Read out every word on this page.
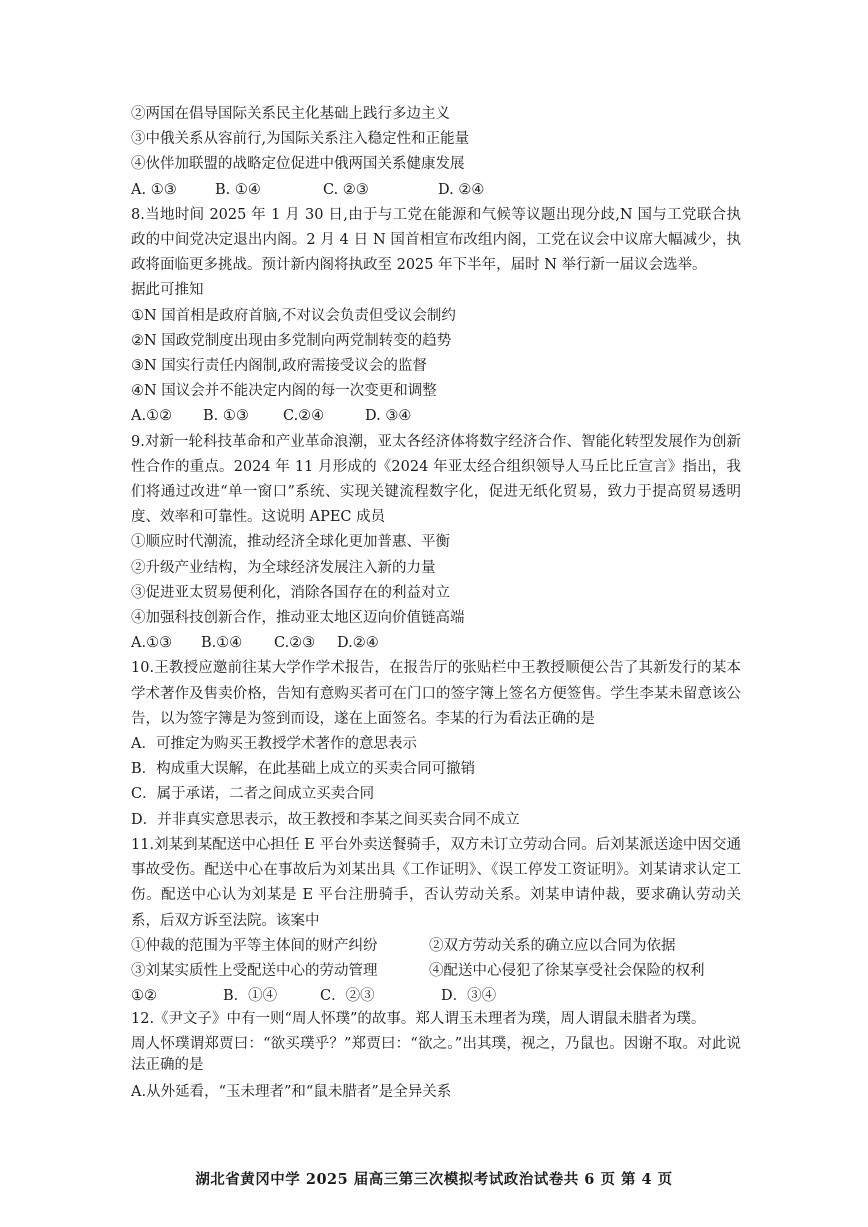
②两国在倡导国际关系民主化基础上践行多边主义
③中俄关系从容前行,为国际关系注入稳定性和正能量
④伙伴加联盟的战略定位促进中俄两国关系健康发展
A. ①③	B. ①④	C. ②③	D. ②④
8.当地时间 2025 年 1 月 30 日,由于与工党在能源和气候等议题出现分歧,N 国与工党联合执政的中间党决定退出内阁。2 月 4 日 N 国首相宣布改组内阁，工党在议会中议席大幅减少，执政将面临更多挑战。预计新内阁将执政至 2025 年下半年，届时 N 举行新一届议会选举。
据此可推知
①N 国首相是政府首脑,不对议会负责但受议会制约
②N 国政党制度出现由多党制向两党制转变的趋势
③N 国实行责任内阁制,政府需接受议会的监督
④N 国议会并不能决定内阁的每一次变更和调整
A.①②	B. ①③	C.②④	D. ③④
9.对新一轮科技革命和产业革命浪潮，亚太各经济体将数字经济合作、智能化转型发展作为创新性合作的重点。2024 年 11 月形成的《2024 年亚太经合组织领导人马丘比丘宣言》指出，我们将通过改进“单一窗口”系统、实现关键流程数字化，促进无纸化贸易，致力于提高贸易透明度、效率和可靠性。这说明 APEC 成员
①顺应时代潮流，推动经济全球化更加普惠、平衡
②升级产业结构，为全球经济发展注入新的力量
③促进亚太贸易便利化，消除各国存在的利益对立
④加强科技创新合作，推动亚太地区迈向价值链高端
A.①③	B.①④	C.②③	D.②④
10.王教授应邀前往某大学作学术报告，在报告厅的张贴栏中王教授顺便公告了其新发行的某本学术著作及售卖价格，告知有意购买者可在门口的签字簿上签名方便签售。学生李某未留意该公告，以为签字簿是为签到而设，遂在上面签名。李某的行为看法正确的是
A．可推定为购买王教授学术著作的意思表示
B．构成重大误解，在此基础上成立的买卖合同可撤销
C．属于承诺，二者之间成立买卖合同
D．并非真实意思表示，故王教授和李某之间买卖合同不成立
11.刘某到某配送中心担任 E 平台外卖送餐骑手，双方未订立劳动合同。后刘某派送途中因交通事故受伤。配送中心在事故后为刘某出具《工作证明》、《误工停发工资证明》。刘某请求认定工伤。配送中心认为刘某是 E 平台注册骑手，否认劳动关系。刘某申请仲裁，要求确认劳动关系，后双方诉至法院。该案中
①仲裁的范围为平等主体间的财产纠纷	②双方劳动关系的确立应以合同为依据
③刘某实质性上受配送中心的劳动管理	④配送中心侵犯了徐某享受社会保险的权利
①②	B．①④	C．②③	D．③④
12.《尹文子》中有一则“周人怀璞”的故事。郑人谓玉未理者为璞，周人谓鼠未腊者为璞。
周人怀璞谓郑贾曰：“欲买璞乎？”郑贾曰：“欲之。”出其璞，视之，乃鼠也。因谢不取。对此说法正确的是
A.从外延看，“玉未理者”和“鼠未腊者”是全异关系
湖北省黄冈中学 2025 届高三第三次模拟考试政治试卷共 6 页 第 4 页
